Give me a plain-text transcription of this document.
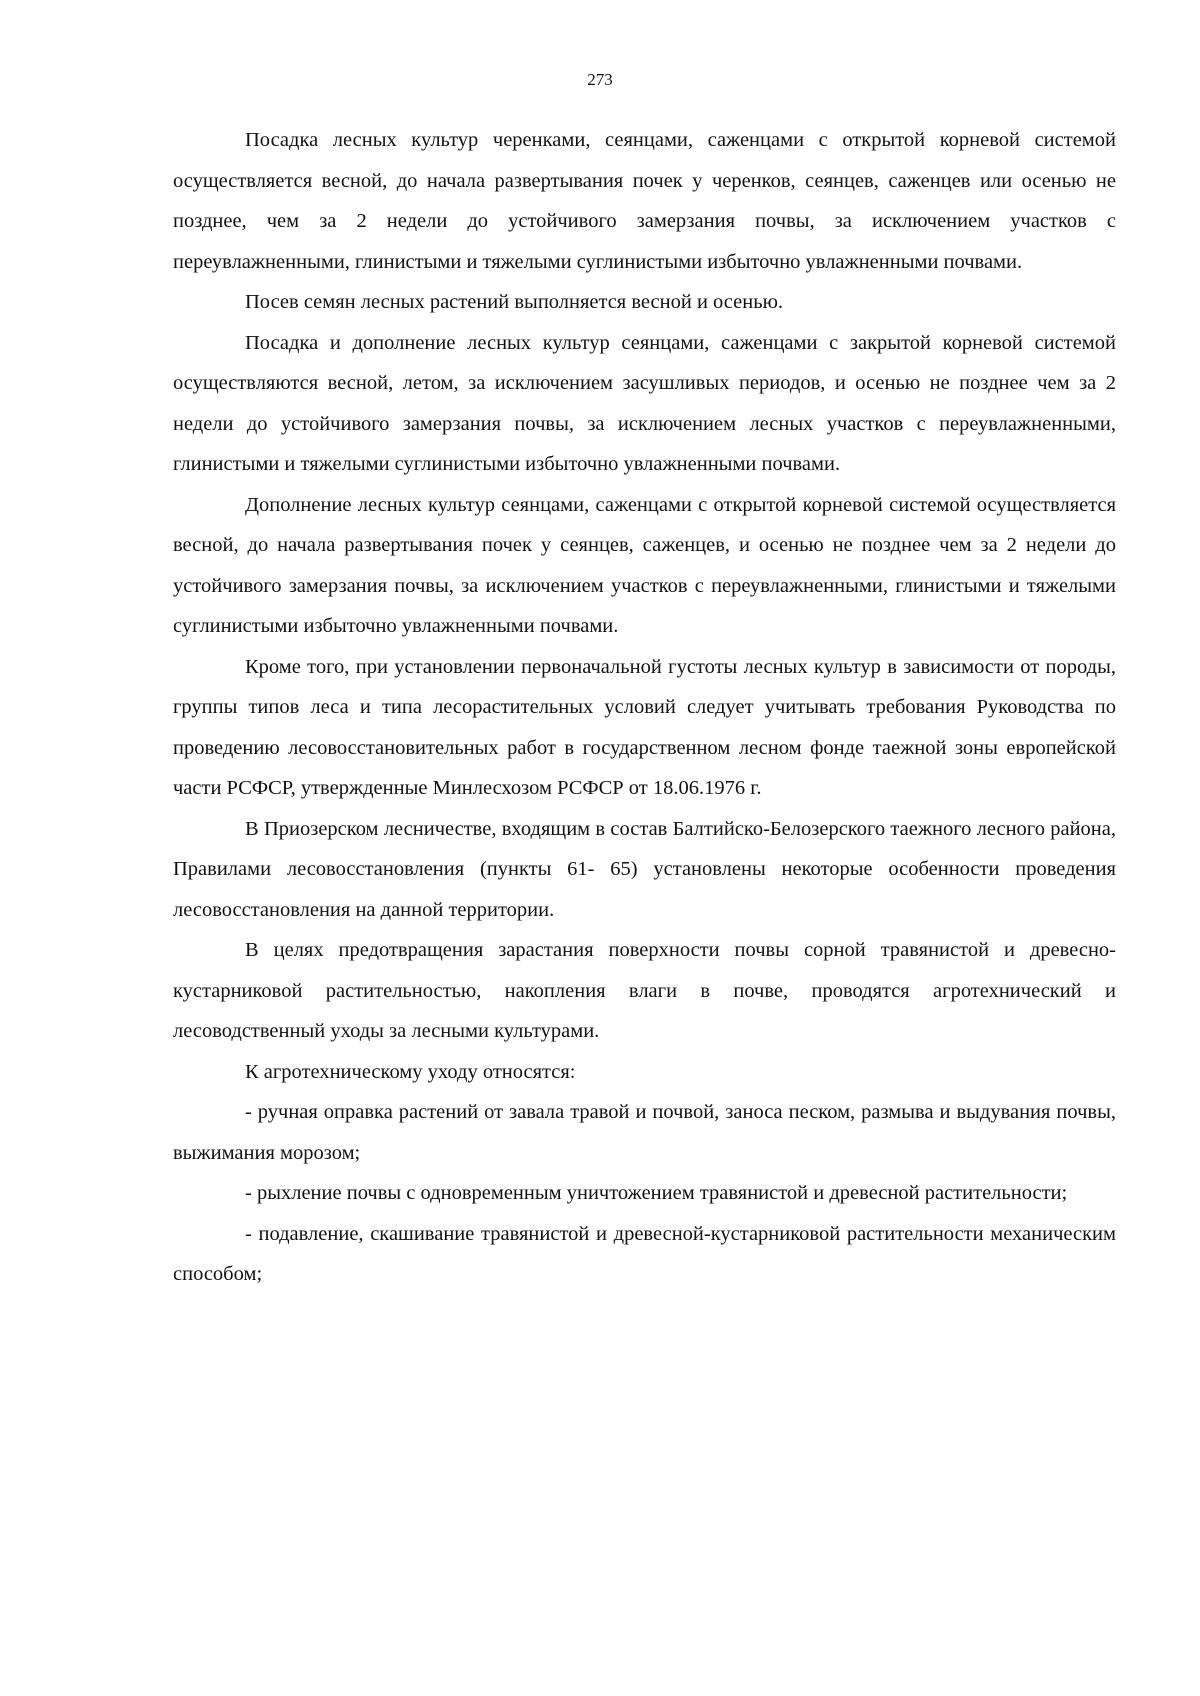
273

Посадка лесных культур черенками, сеянцами, саженцами с открытой корневой системой осуществляется весной, до начала развертывания почек у черенков, сеянцев, саженцев или осенью не позднее, чем за 2 недели до устойчивого замерзания почвы, за исключением участков с переувлажненными, глинистыми и тяжелыми суглинистыми избыточно увлажненными почвами.

Посев семян лесных растений выполняется весной и осенью.

Посадка и дополнение лесных культур сеянцами, саженцами с закрытой корневой системой осуществляются весной, летом, за исключением засушливых периодов, и осенью не позднее чем за 2 недели до устойчивого замерзания почвы, за исключением лесных участков с переувлажненными, глинистыми и тяжелыми суглинистыми избыточно увлажненными почвами.

Дополнение лесных культур сеянцами, саженцами с открытой корневой системой осуществляется весной, до начала развертывания почек у сеянцев, саженцев, и осенью не позднее чем за 2 недели до устойчивого замерзания почвы, за исключением участков с переувлажненными, глинистыми и тяжелыми суглинистыми избыточно увлажненными почвами.

Кроме того, при установлении первоначальной густоты лесных культур в зависимости от породы, группы типов леса и типа лесорастительных условий следует учитывать требования Руководства по проведению лесовосстановительных работ в государственном лесном фонде таежной зоны европейской части РСФСР, утвержденные Минлесхозом РСФСР от 18.06.1976 г.

В Приозерском лесничестве, входящим в состав Балтийско-Белозерского таежного лесного района, Правилами лесовосстановления (пункты 61- 65) установлены некоторые особенности проведения лесовосстановления на данной территории.

В целях предотвращения зарастания поверхности почвы сорной травянистой и древесно-кустарниковой растительностью, накопления влаги в почве, проводятся агротехнический и лесоводственный уходы за лесными культурами.

К агротехническому уходу относятся:

- ручная оправка растений от завала травой и почвой, заноса песком, размыва и выдувания почвы, выжимания морозом;

- рыхление почвы с одновременным уничтожением травянистой и древесной растительности;

- подавление, скашивание травянистой и древесной-кустарниковой растительности механическим способом;
